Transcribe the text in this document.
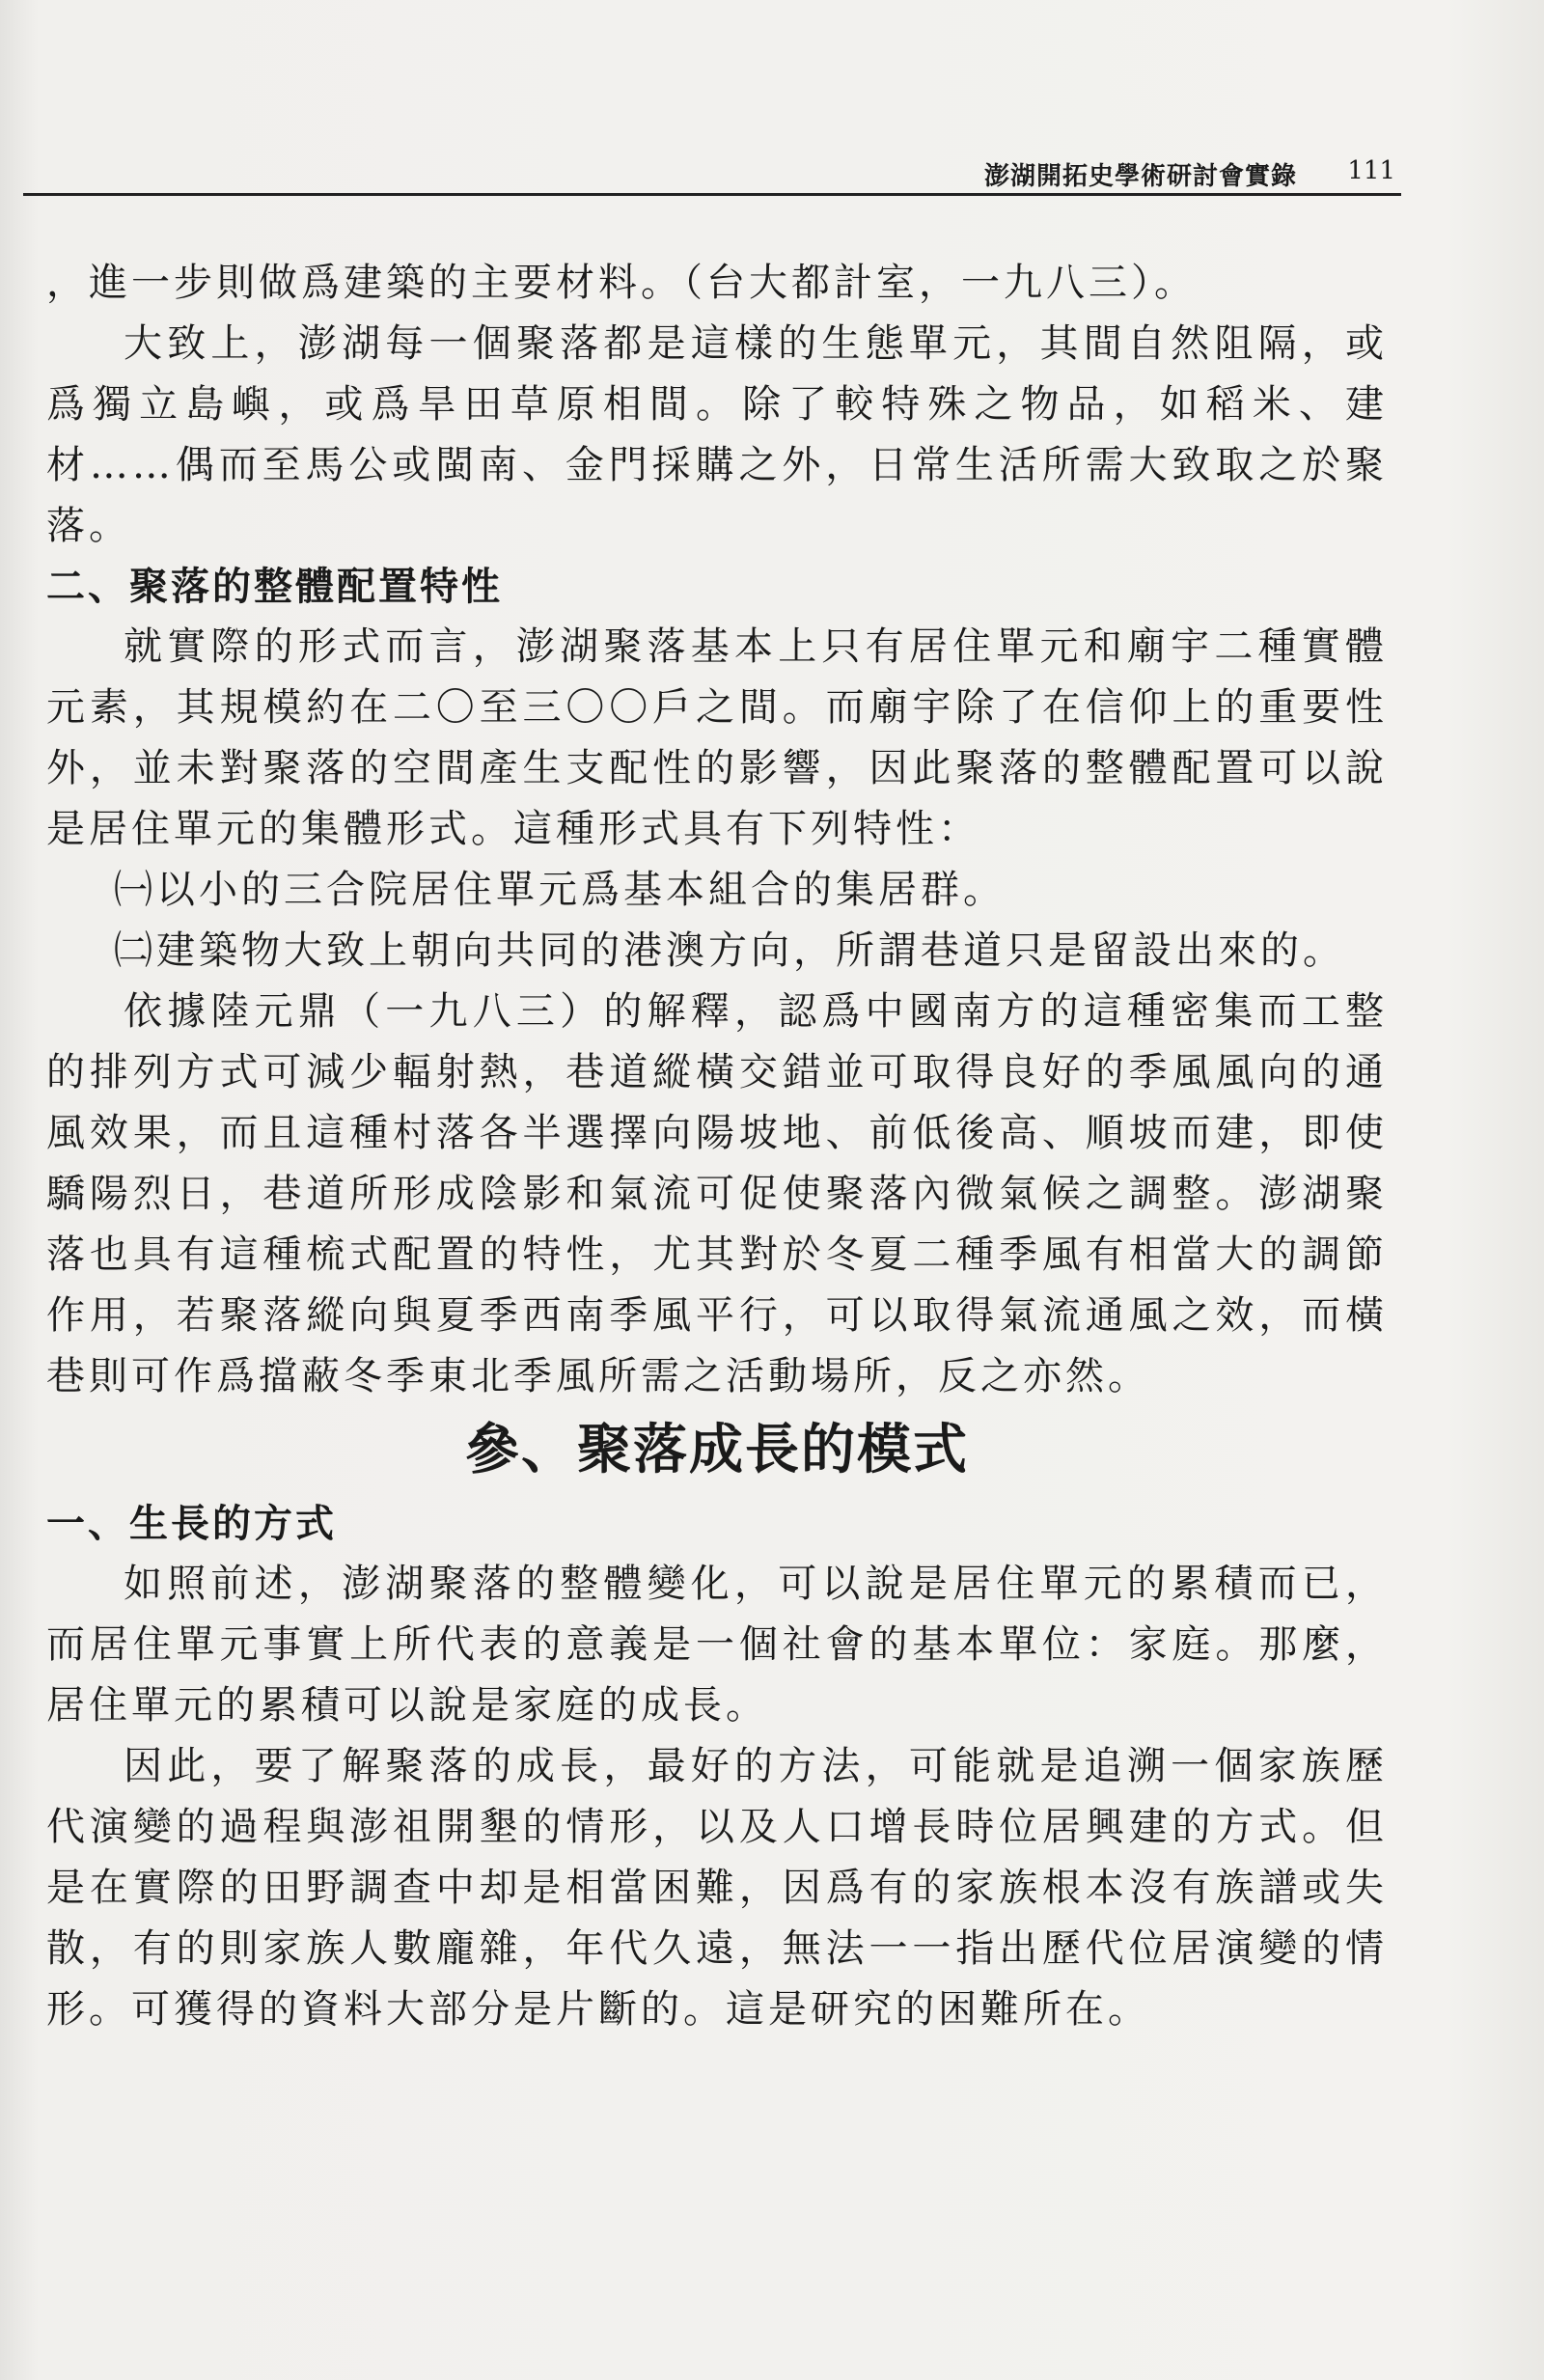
澎湖開拓史學術研討會實錄 111

，進一步則做爲建築的主要材料。（台大都計室，一九八三）。

大致上，澎湖每一個聚落都是這樣的生態單元，其間自然阻隔，或爲獨立島嶼，或爲旱田草原相間。除了較特殊之物品，如稻米、建材……偶而至馬公或閩南、金門採購之外，日常生活所需大致取之於聚落。

二、聚落的整體配置特性

就實際的形式而言，澎湖聚落基本上只有居住單元和廟宇二種實體元素，其規模約在二〇至三〇〇戶之間。而廟宇除了在信仰上的重要性外，並未對聚落的空間產生支配性的影響，因此聚落的整體配置可以說是居住單元的集體形式。這種形式具有下列特性：

㈠以小的三合院居住單元爲基本組合的集居群。

㈡建築物大致上朝向共同的港澳方向，所謂巷道只是留設出來的。

依據陸元鼎（一九八三）的解釋，認爲中國南方的這種密集而工整的排列方式可減少輻射熱，巷道縱橫交錯並可取得良好的季風風向的通風效果，而且這種村落各半選擇向陽坡地、前低後高、順坡而建，即使驕陽烈日，巷道所形成陰影和氣流可促使聚落內微氣候之調整。澎湖聚落也具有這種梳式配置的特性，尤其對於冬夏二種季風有相當大的調節作用，若聚落縱向與夏季西南季風平行，可以取得氣流通風之效，而橫巷則可作爲擋蔽冬季東北季風所需之活動場所，反之亦然。

參、聚落成長的模式

一、生長的方式

如照前述，澎湖聚落的整體變化，可以說是居住單元的累積而已，而居住單元事實上所代表的意義是一個社會的基本單位：家庭。那麼，居住單元的累積可以說是家庭的成長。

因此，要了解聚落的成長，最好的方法，可能就是追溯一個家族歷代演變的過程與澎祖開墾的情形，以及人口增長時位居興建的方式。但是在實際的田野調查中却是相當困難，因爲有的家族根本沒有族譜或失散，有的則家族人數龐雜，年代久遠，無法一一指出歷代位居演變的情形。可獲得的資料大部分是片斷的。這是研究的困難所在。
